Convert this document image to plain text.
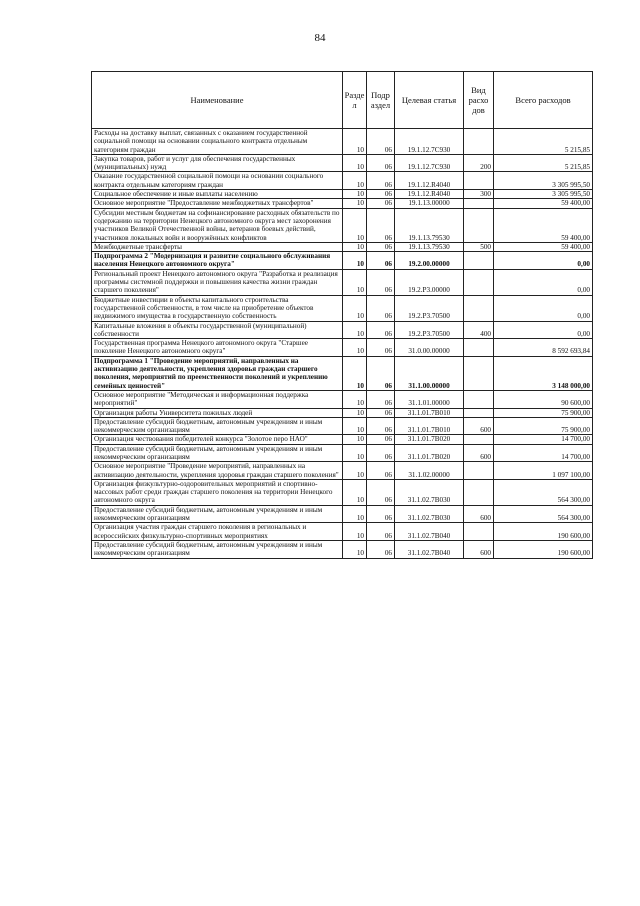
84
Наименование	Разде л	Подр аздел	Целевая статья	Вид расхо дов	Всего расходов
Расходы на доставку выплат, связанных с оказанием государственной социальной помощи на основании социального контракта отдельным категориям граждан	10	06	19.1.12.7С930		5 215,85
Закупка товаров, работ и услуг для обеспечения государственных (муниципальных) нужд	10	06	19.1.12.7С930	200	5 215,85
Оказание государственной социальной помощи на основании социального контракта отдельным категориям граждан	10	06	19.1.12.R4040		3 305 995,50
Социальное обеспечение и иные выплаты населению	10	06	19.1.12.R4040	300	3 305 995,50
Основное мероприятие "Предоставление межбюджетных трансфертов"	10	06	19.1.13.00000		59 400,00
Субсидии местным бюджетам на софинансирование расходных обязательств по содержанию на территории Ненецкого автономного округа мест захоронения участников Великой Отечественной войны, ветеранов боевых действий, участников локальных войн и вооружённых конфликтов	10	06	19.1.13.79530		59 400,00
Межбюджетные трансферты	10	06	19.1.13.79530	500	59 400,00
Подпрограмма 2 "Модернизация и развитие социального обслуживания населения Ненецкого автономного округа"	10	06	19.2.00.00000		0,00
Региональный проект Ненецкого автономного округа "Разработка и реализация программы системной поддержки и повышения качества жизни граждан старшего поколения"	10	06	19.2.P3.00000		0,00
Бюджетные инвестиции в объекты капитального строительства государственной собственности, в том числе на приобретение объектов недвижимого имущества в государственную собственность	10	06	19.2.P3.70500		0,00
Капитальные вложения в объекты государственной (муниципальной) собственности	10	06	19.2.P3.70500	400	0,00
Государственная программа Ненецкого автономного округа "Старшее поколение Ненецкого автономного округа"	10	06	31.0.00.00000		8 592 693,84
Подпрограмма 1 "Проведение мероприятий, направленных на активизацию деятельности, укрепления здоровья граждан старшего поколения, мероприятий по преемственности поколений и укреплению семейных ценностей"	10	06	31.1.00.00000		3 148 000,00
Основное мероприятие "Методическая и информационная поддержка мероприятий"	10	06	31.1.01.00000		90 600,00
Организация работы Университета пожилых людей	10	06	31.1.01.7В010		75 900,00
Предоставление субсидий бюджетным, автономным учреждениям и иным некоммерческим организациям	10	06	31.1.01.7В010	600	75 900,00
Организация чествования победителей конкурса "Золотое перо НАО"	10	06	31.1.01.7В020		14 700,00
Предоставление субсидий бюджетным, автономным учреждениям и иным некоммерческим организациям	10	06	31.1.01.7В020	600	14 700,00
Основное мероприятие "Проведение мероприятий, направленных на активизацию деятельности, укрепления здоровья граждан старшего поколения"	10	06	31.1.02.00000		1 097 100,00
Организация физкультурно-оздоровительных мероприятий и спортивно-массовых работ среди граждан старшего поколения на территории Ненецкого автономного округа	10	06	31.1.02.7В030		564 300,00
Предоставление субсидий бюджетным, автономным учреждениям и иным некоммерческим организациям	10	06	31.1.02.7В030	600	564 300,00
Организация участия граждан старшего поколения в региональных и всероссийских физкультурно-спортивных мероприятиях	10	06	31.1.02.7В040		190 600,00
Предоставление субсидий бюджетным, автономным учреждениям и иным некоммерческим организациям	10	06	31.1.02.7В040	600	190 600,00
